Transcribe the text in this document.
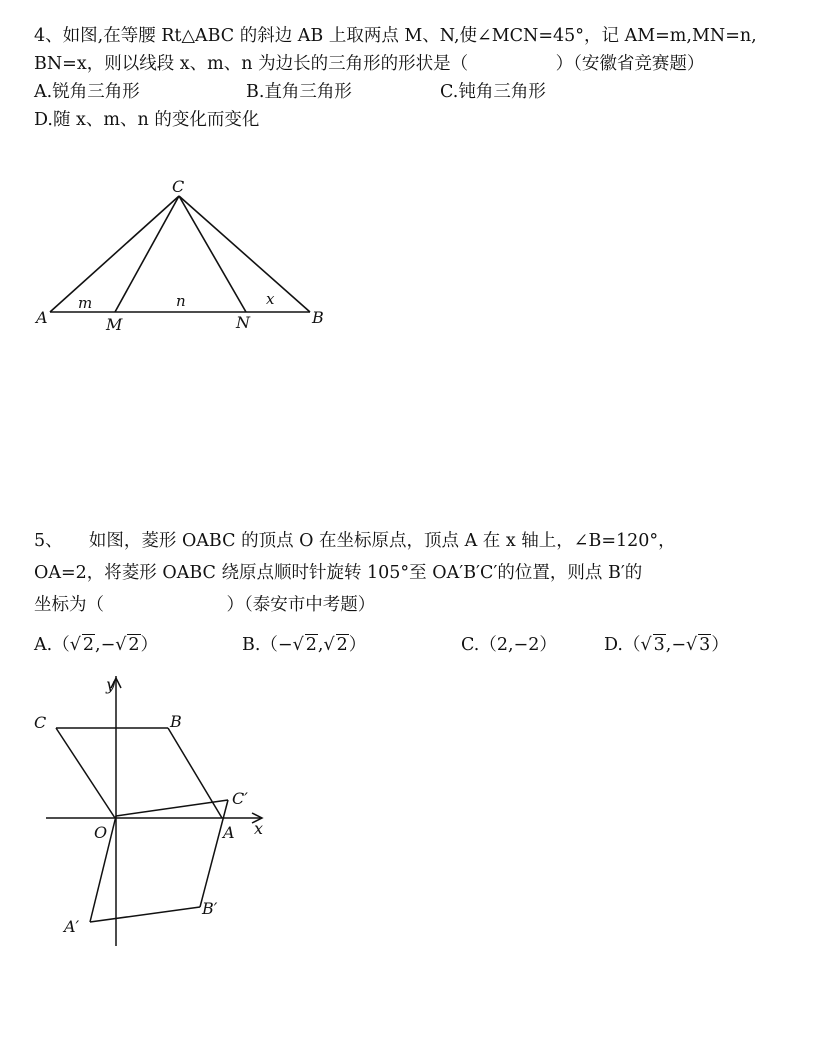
4、如图,在等腰 Rt△ABC 的斜边 AB 上取两点 M、N,使∠MCN=45°，记 AM=m,MN=n,
BN=x，则以线段 x、m、n 为边长的三角形的形状是（　　　　　）（安徽省竞赛题）
A.锐角三角形	B.直角三角形	C.钝角三角形
D.随 x、m、n 的变化而变化
C
A	M	N	B
m	n	x
5、　　如图，菱形 OABC 的顶点 O 在坐标原点，顶点 A 在 x 轴上，∠B=120°，
OA=2，将菱形 OABC 绕原点顺时针旋转 105°至 OA′B′C′的位置，则点 B′的
坐标为（　　　　　　　）（泰安市中考题）
A.（√ 2,−√ 2）	B.（−√ 2,√ 2）	C.（2,−2）	D.（√ 3,−√ 3）
y
x
C	B
O	A
C′
B′
A′
